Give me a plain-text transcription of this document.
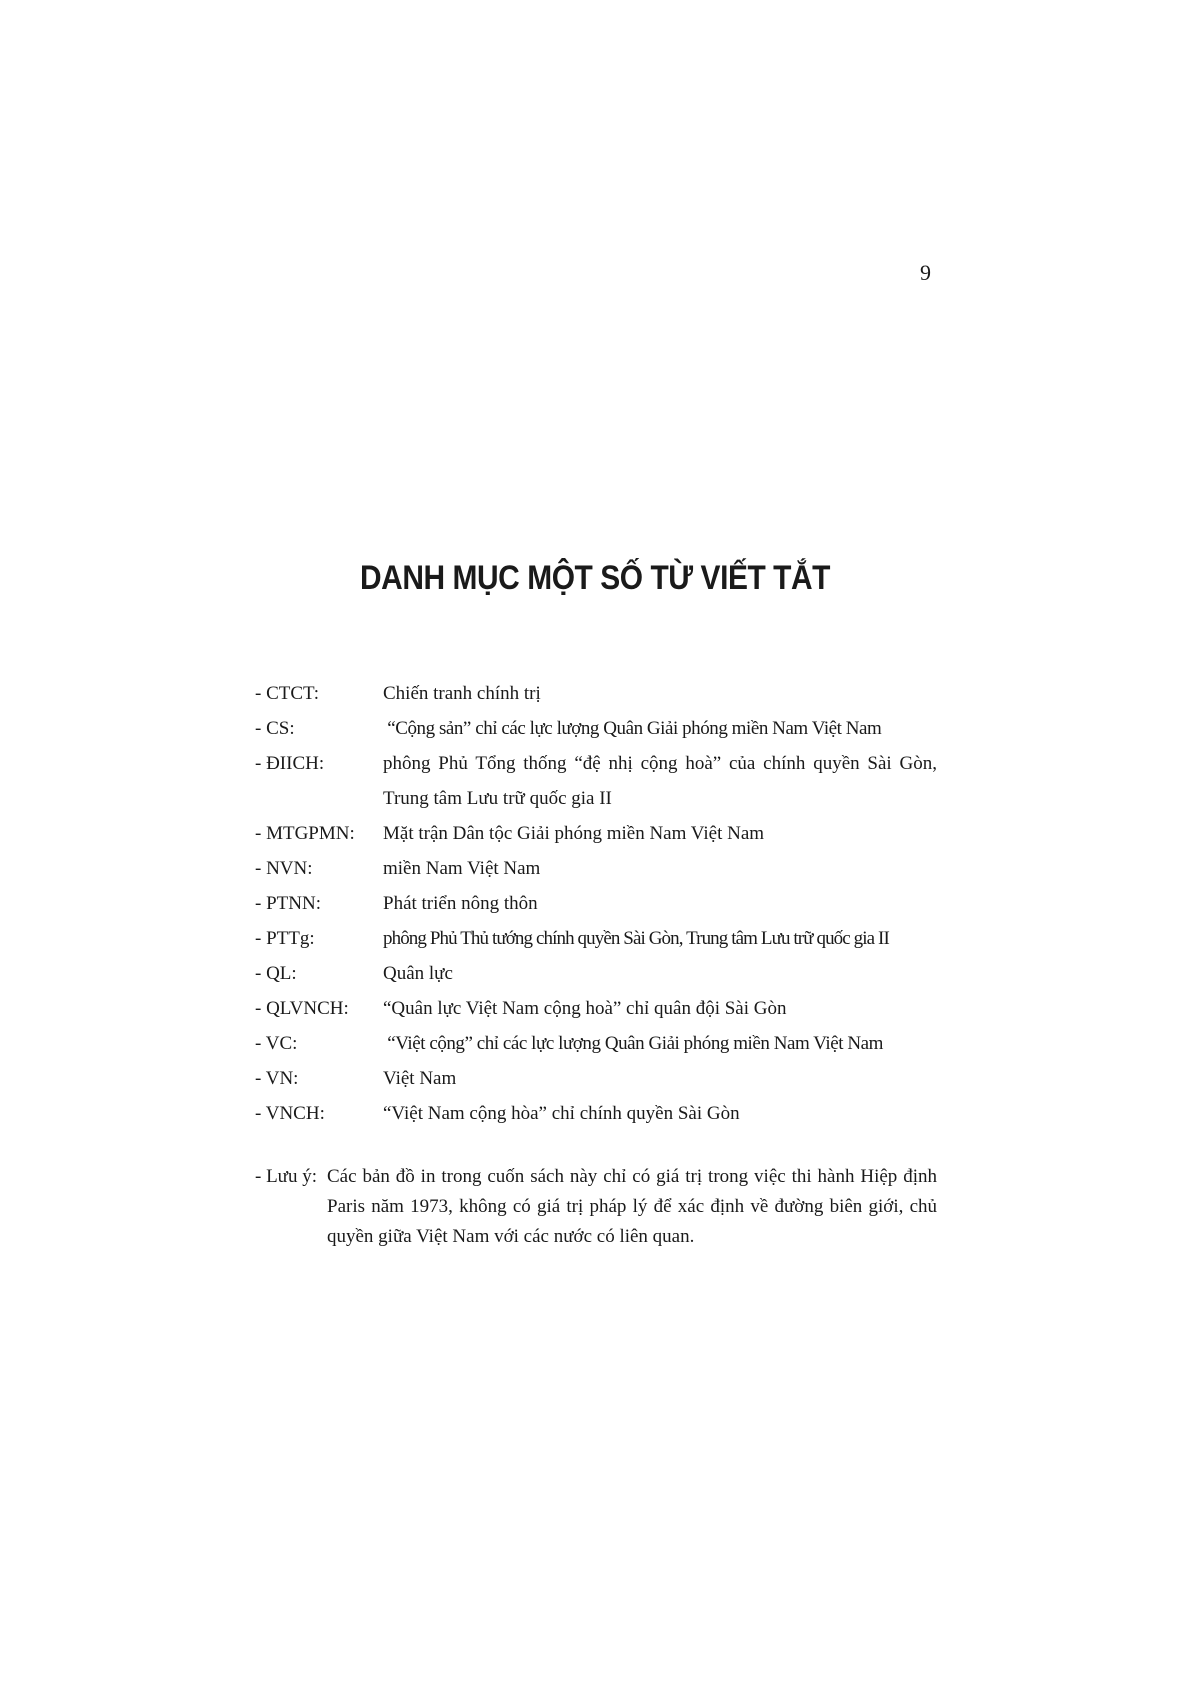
9
DANH MỤC MỘT SỐ TỪ VIẾT TẮT
- CTCT:	Chiến tranh chính trị
- CS:	“Cộng sản” chỉ các lực lượng Quân Giải phóng miền Nam Việt Nam
- ĐIICH:	phông Phủ Tổng thống “đệ nhị cộng hoà” của chính quyền Sài Gòn, Trung tâm Lưu trữ quốc gia II
- MTGPMN:	Mặt trận Dân tộc Giải phóng miền Nam Việt Nam
- NVN:	miền Nam Việt Nam
- PTNN:	Phát triển nông thôn
- PTTg:	phông Phủ Thủ tướng chính quyền Sài Gòn, Trung tâm Lưu trữ quốc gia II
- QL:	Quân lực
- QLVNCH:	“Quân lực Việt Nam cộng hoà” chỉ quân đội Sài Gòn
- VC:	“Việt cộng” chỉ các lực lượng Quân Giải phóng miền Nam Việt Nam
- VN:	Việt Nam
- VNCH:	“Việt Nam cộng hòa” chỉ chính quyền Sài Gòn
- Lưu ý: Các bản đồ in trong cuốn sách này chỉ có giá trị trong việc thi hành Hiệp định Paris năm 1973, không có giá trị pháp lý để xác định về đường biên giới, chủ quyền giữa Việt Nam với các nước có liên quan.
